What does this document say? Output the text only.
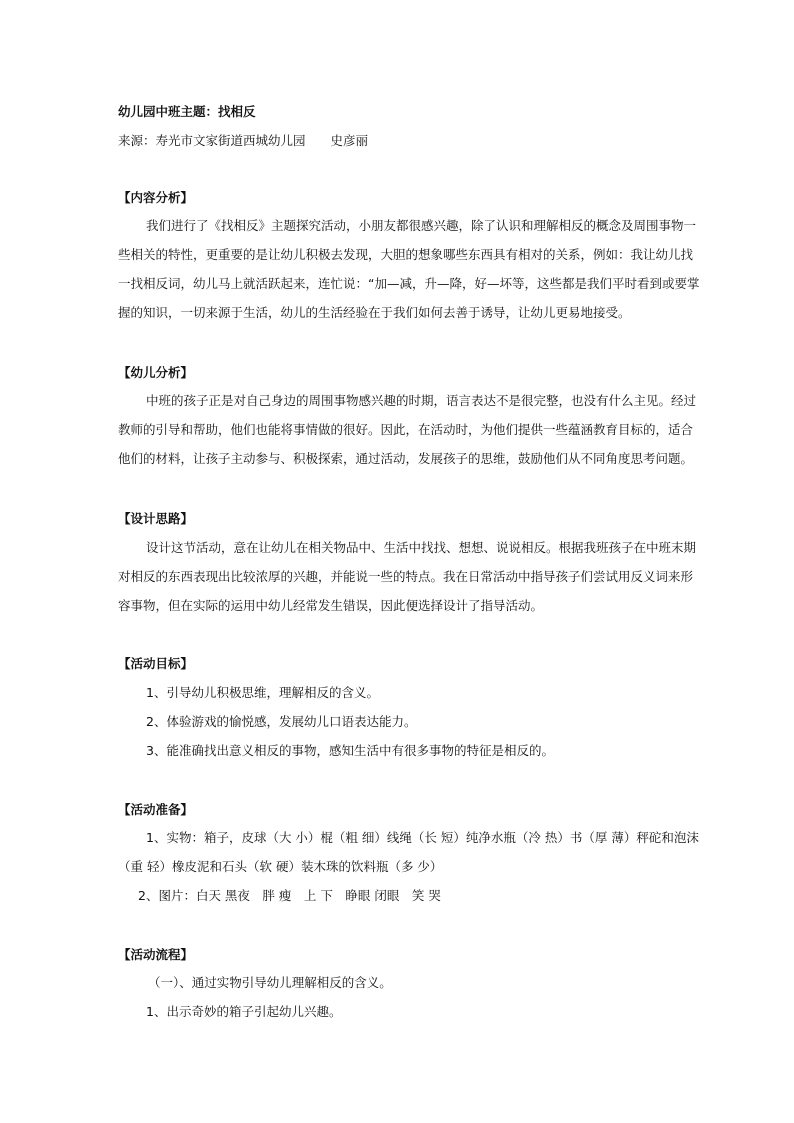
幼儿园中班主题：找相反
来源：寿光市文家街道西城幼儿园　　史彦丽
【内容分析】
我们进行了《找相反》主题探究活动，小朋友都很感兴趣，除了认识和理解相反的概念及周围事物一
些相关的特性，更重要的是让幼儿积极去发现，大胆的想象哪些东西具有相对的关系，例如：我让幼儿找
一找相反词，幼儿马上就活跃起来，连忙说：“加—减，升—降，好—坏等，这些都是我们平时看到或要掌
握的知识，一切来源于生活，幼儿的生活经验在于我们如何去善于诱导，让幼儿更易地接受。
【幼儿分析】
中班的孩子正是对自己身边的周围事物感兴趣的时期，语言表达不是很完整，也没有什么主见。经过
教师的引导和帮助，他们也能将事情做的很好。因此，在活动时，为他们提供一些蕴涵教育目标的，适合
他们的材料，让孩子主动参与、积极探索，通过活动，发展孩子的思维，鼓励他们从不同角度思考问题。
【设计思路】
设计这节活动，意在让幼儿在相关物品中、生活中找找、想想、说说相反。根据我班孩子在中班末期
对相反的东西表现出比较浓厚的兴趣，并能说一些的特点。我在日常活动中指导孩子们尝试用反义词来形
容事物，但在实际的运用中幼儿经常发生错误，因此便选择设计了指导活动。
【活动目标】
1、引导幼儿积极思维，理解相反的含义。
2、体验游戏的愉悦感，发展幼儿口语表达能力。
3、能准确找出意义相反的事物，感知生活中有很多事物的特征是相反的。
【活动准备】
1、实物：箱子，皮球（大 小）棍（粗 细）线绳（长 短）纯净水瓶（冷 热）书（厚 薄）秤砣和泡沫
（重 轻）橡皮泥和石头（软 硬）装木珠的饮料瓶（多 少）
2、图片：白天 黑夜　胖 瘦　上 下　睁眼 闭眼　笑 哭
【活动流程】
（一）、通过实物引导幼儿理解相反的含义。
1、出示奇妙的箱子引起幼儿兴趣。
